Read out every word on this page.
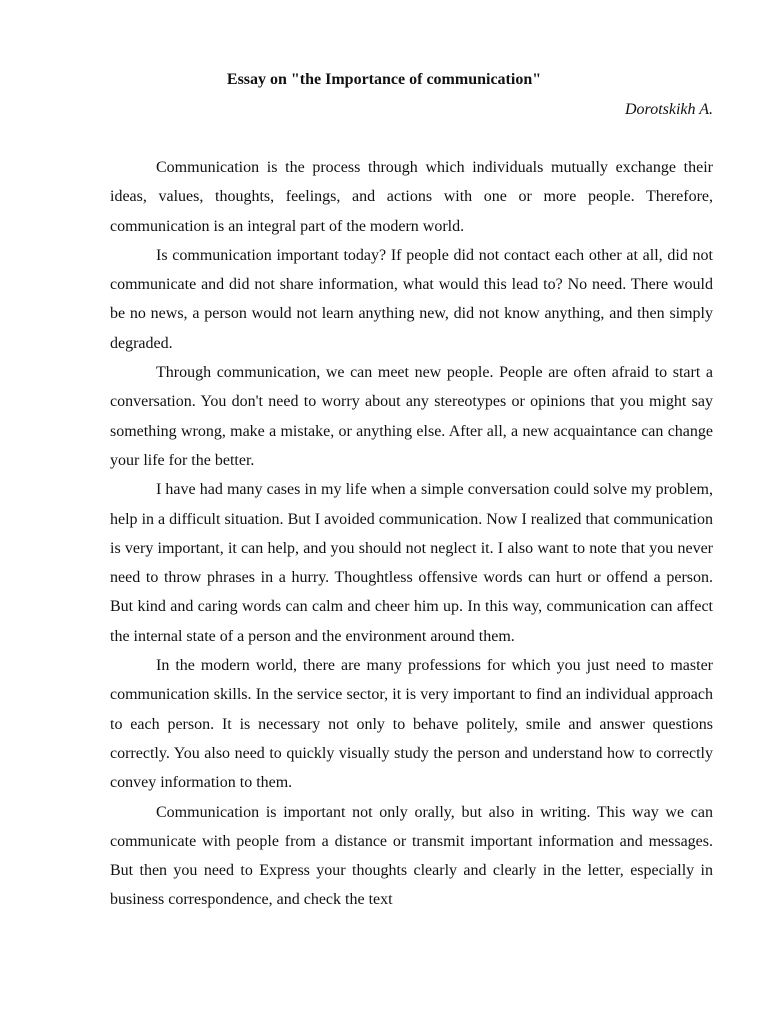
Essay on "the Importance of communication"
Dorotskikh A.

Communication is the process through which individuals mutually exchange their ideas, values, thoughts, feelings, and actions with one or more people. Therefore, communication is an integral part of the modern world.

Is communication important today? If people did not contact each other at all, did not communicate and did not share information, what would this lead to? No need. There would be no news, a person would not learn anything new, did not know anything, and then simply degraded.

Through communication, we can meet new people. People are often afraid to start a conversation. You don't need to worry about any stereotypes or opinions that you might say something wrong, make a mistake, or anything else. After all, a new acquaintance can change your life for the better.

I have had many cases in my life when a simple conversation could solve my problem, help in a difficult situation. But I avoided communication. Now I realized that communication is very important, it can help, and you should not neglect it. I also want to note that you never need to throw phrases in a hurry. Thoughtless offensive words can hurt or offend a person. But kind and caring words can calm and cheer him up. In this way, communication can affect the internal state of a person and the environment around them.

In the modern world, there are many professions for which you just need to master communication skills. In the service sector, it is very important to find an individual approach to each person. It is necessary not only to behave politely, smile and answer questions correctly. You also need to quickly visually study the person and understand how to correctly convey information to them.

Communication is important not only orally, but also in writing. This way we can communicate with people from a distance or transmit important information and messages. But then you need to Express your thoughts clearly and clearly in the letter, especially in business correspondence, and check the text
